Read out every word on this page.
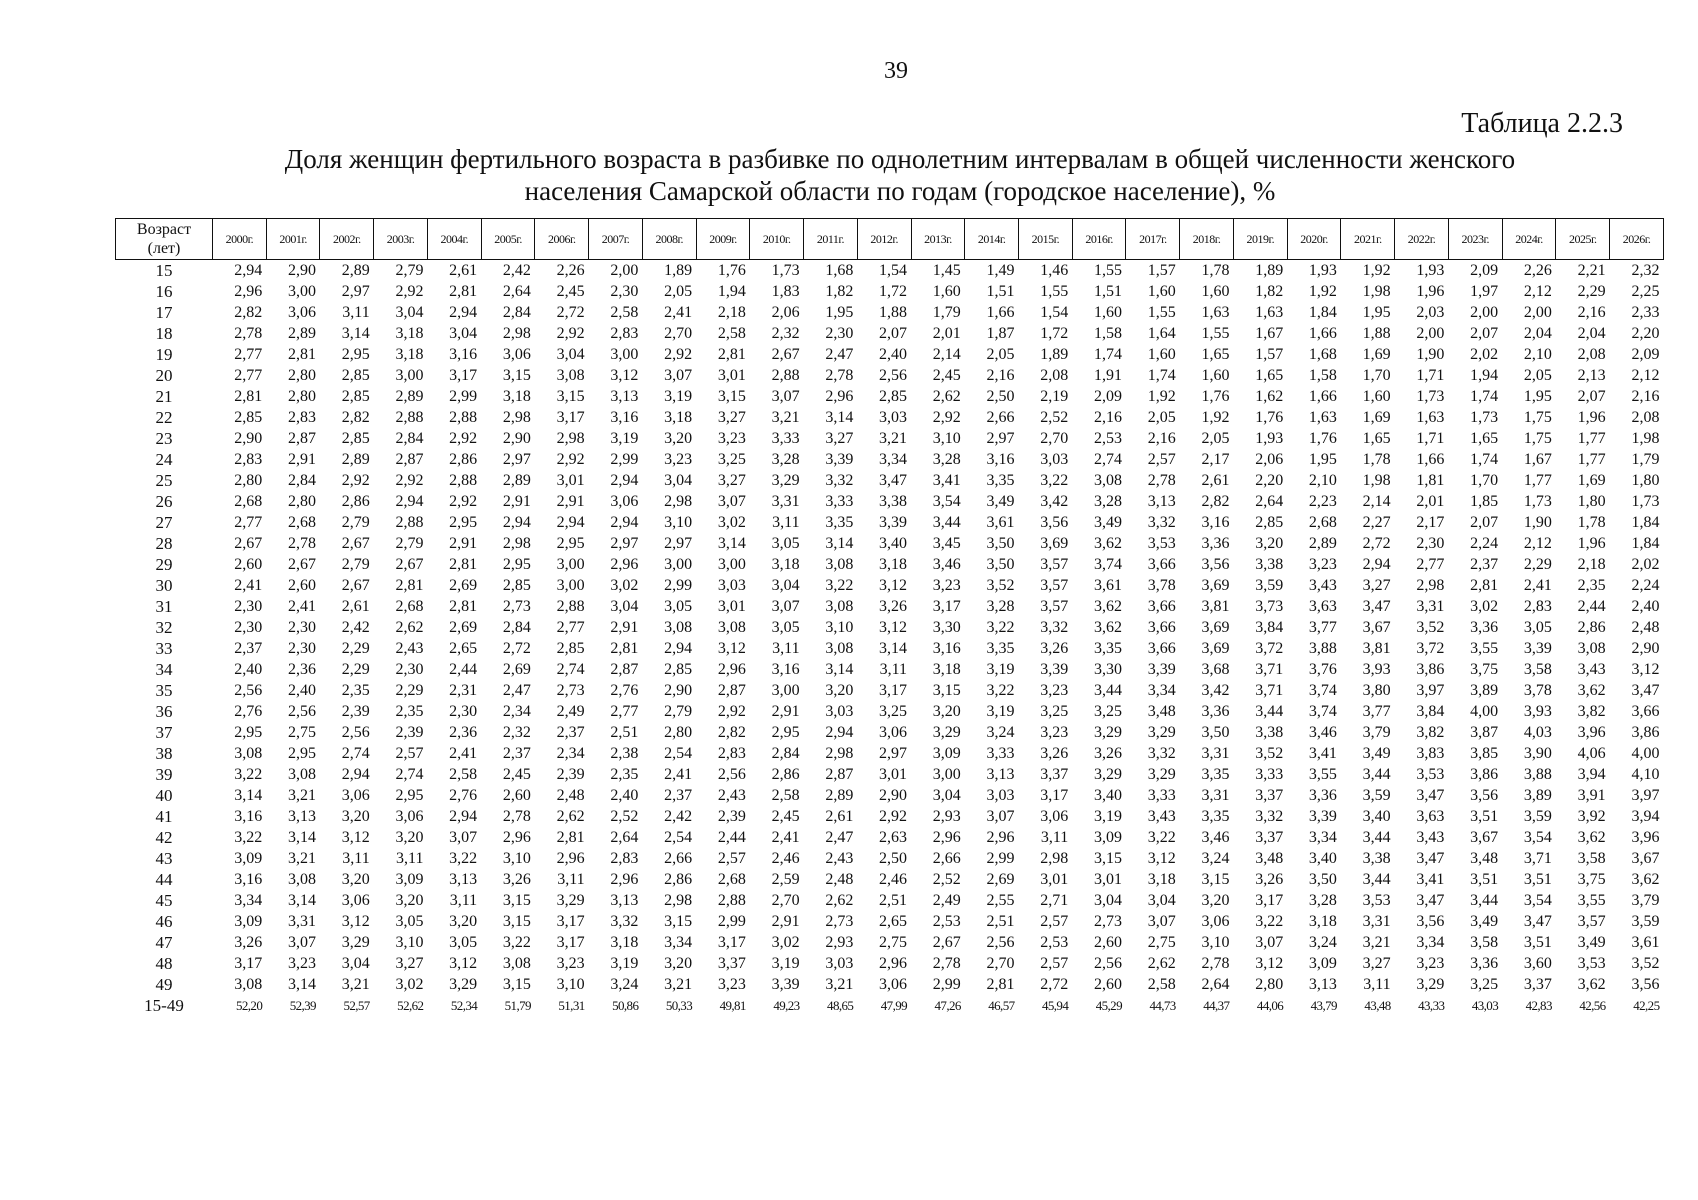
39
Таблица 2.2.3
Доля женщин фертильного возраста в разбивке по однолетним интервалам в общей численности женского
населения Самарской области по годам (городское население), %
Возраст
(лет)	2000г.	2001г.	2002г.	2003г.	2004г.	2005г.	2006г.	2007г.	2008г.	2009г.	2010г.	2011г.	2012г.	2013г.	2014г.	2015г.	2016г.	2017г.	2018г.	2019г.	2020г.	2021г.	2022г.	2023г.	2024г.	2025г.	2026г.
15	2,94	2,90	2,89	2,79	2,61	2,42	2,26	2,00	1,89	1,76	1,73	1,68	1,54	1,45	1,49	1,46	1,55	1,57	1,78	1,89	1,93	1,92	1,93	2,09	2,26	2,21	2,32
16	2,96	3,00	2,97	2,92	2,81	2,64	2,45	2,30	2,05	1,94	1,83	1,82	1,72	1,60	1,51	1,55	1,51	1,60	1,60	1,82	1,92	1,98	1,96	1,97	2,12	2,29	2,25
17	2,82	3,06	3,11	3,04	2,94	2,84	2,72	2,58	2,41	2,18	2,06	1,95	1,88	1,79	1,66	1,54	1,60	1,55	1,63	1,63	1,84	1,95	2,03	2,00	2,00	2,16	2,33
18	2,78	2,89	3,14	3,18	3,04	2,98	2,92	2,83	2,70	2,58	2,32	2,30	2,07	2,01	1,87	1,72	1,58	1,64	1,55	1,67	1,66	1,88	2,00	2,07	2,04	2,04	2,20
19	2,77	2,81	2,95	3,18	3,16	3,06	3,04	3,00	2,92	2,81	2,67	2,47	2,40	2,14	2,05	1,89	1,74	1,60	1,65	1,57	1,68	1,69	1,90	2,02	2,10	2,08	2,09
20	2,77	2,80	2,85	3,00	3,17	3,15	3,08	3,12	3,07	3,01	2,88	2,78	2,56	2,45	2,16	2,08	1,91	1,74	1,60	1,65	1,58	1,70	1,71	1,94	2,05	2,13	2,12
21	2,81	2,80	2,85	2,89	2,99	3,18	3,15	3,13	3,19	3,15	3,07	2,96	2,85	2,62	2,50	2,19	2,09	1,92	1,76	1,62	1,66	1,60	1,73	1,74	1,95	2,07	2,16
22	2,85	2,83	2,82	2,88	2,88	2,98	3,17	3,16	3,18	3,27	3,21	3,14	3,03	2,92	2,66	2,52	2,16	2,05	1,92	1,76	1,63	1,69	1,63	1,73	1,75	1,96	2,08
23	2,90	2,87	2,85	2,84	2,92	2,90	2,98	3,19	3,20	3,23	3,33	3,27	3,21	3,10	2,97	2,70	2,53	2,16	2,05	1,93	1,76	1,65	1,71	1,65	1,75	1,77	1,98
24	2,83	2,91	2,89	2,87	2,86	2,97	2,92	2,99	3,23	3,25	3,28	3,39	3,34	3,28	3,16	3,03	2,74	2,57	2,17	2,06	1,95	1,78	1,66	1,74	1,67	1,77	1,79
25	2,80	2,84	2,92	2,92	2,88	2,89	3,01	2,94	3,04	3,27	3,29	3,32	3,47	3,41	3,35	3,22	3,08	2,78	2,61	2,20	2,10	1,98	1,81	1,70	1,77	1,69	1,80
26	2,68	2,80	2,86	2,94	2,92	2,91	2,91	3,06	2,98	3,07	3,31	3,33	3,38	3,54	3,49	3,42	3,28	3,13	2,82	2,64	2,23	2,14	2,01	1,85	1,73	1,80	1,73
27	2,77	2,68	2,79	2,88	2,95	2,94	2,94	2,94	3,10	3,02	3,11	3,35	3,39	3,44	3,61	3,56	3,49	3,32	3,16	2,85	2,68	2,27	2,17	2,07	1,90	1,78	1,84
28	2,67	2,78	2,67	2,79	2,91	2,98	2,95	2,97	2,97	3,14	3,05	3,14	3,40	3,45	3,50	3,69	3,62	3,53	3,36	3,20	2,89	2,72	2,30	2,24	2,12	1,96	1,84
29	2,60	2,67	2,79	2,67	2,81	2,95	3,00	2,96	3,00	3,00	3,18	3,08	3,18	3,46	3,50	3,57	3,74	3,66	3,56	3,38	3,23	2,94	2,77	2,37	2,29	2,18	2,02
30	2,41	2,60	2,67	2,81	2,69	2,85	3,00	3,02	2,99	3,03	3,04	3,22	3,12	3,23	3,52	3,57	3,61	3,78	3,69	3,59	3,43	3,27	2,98	2,81	2,41	2,35	2,24
31	2,30	2,41	2,61	2,68	2,81	2,73	2,88	3,04	3,05	3,01	3,07	3,08	3,26	3,17	3,28	3,57	3,62	3,66	3,81	3,73	3,63	3,47	3,31	3,02	2,83	2,44	2,40
32	2,30	2,30	2,42	2,62	2,69	2,84	2,77	2,91	3,08	3,08	3,05	3,10	3,12	3,30	3,22	3,32	3,62	3,66	3,69	3,84	3,77	3,67	3,52	3,36	3,05	2,86	2,48
33	2,37	2,30	2,29	2,43	2,65	2,72	2,85	2,81	2,94	3,12	3,11	3,08	3,14	3,16	3,35	3,26	3,35	3,66	3,69	3,72	3,88	3,81	3,72	3,55	3,39	3,08	2,90
34	2,40	2,36	2,29	2,30	2,44	2,69	2,74	2,87	2,85	2,96	3,16	3,14	3,11	3,18	3,19	3,39	3,30	3,39	3,68	3,71	3,76	3,93	3,86	3,75	3,58	3,43	3,12
35	2,56	2,40	2,35	2,29	2,31	2,47	2,73	2,76	2,90	2,87	3,00	3,20	3,17	3,15	3,22	3,23	3,44	3,34	3,42	3,71	3,74	3,80	3,97	3,89	3,78	3,62	3,47
36	2,76	2,56	2,39	2,35	2,30	2,34	2,49	2,77	2,79	2,92	2,91	3,03	3,25	3,20	3,19	3,25	3,25	3,48	3,36	3,44	3,74	3,77	3,84	4,00	3,93	3,82	3,66
37	2,95	2,75	2,56	2,39	2,36	2,32	2,37	2,51	2,80	2,82	2,95	2,94	3,06	3,29	3,24	3,23	3,29	3,29	3,50	3,38	3,46	3,79	3,82	3,87	4,03	3,96	3,86
38	3,08	2,95	2,74	2,57	2,41	2,37	2,34	2,38	2,54	2,83	2,84	2,98	2,97	3,09	3,33	3,26	3,26	3,32	3,31	3,52	3,41	3,49	3,83	3,85	3,90	4,06	4,00
39	3,22	3,08	2,94	2,74	2,58	2,45	2,39	2,35	2,41	2,56	2,86	2,87	3,01	3,00	3,13	3,37	3,29	3,29	3,35	3,33	3,55	3,44	3,53	3,86	3,88	3,94	4,10
40	3,14	3,21	3,06	2,95	2,76	2,60	2,48	2,40	2,37	2,43	2,58	2,89	2,90	3,04	3,03	3,17	3,40	3,33	3,31	3,37	3,36	3,59	3,47	3,56	3,89	3,91	3,97
41	3,16	3,13	3,20	3,06	2,94	2,78	2,62	2,52	2,42	2,39	2,45	2,61	2,92	2,93	3,07	3,06	3,19	3,43	3,35	3,32	3,39	3,40	3,63	3,51	3,59	3,92	3,94
42	3,22	3,14	3,12	3,20	3,07	2,96	2,81	2,64	2,54	2,44	2,41	2,47	2,63	2,96	2,96	3,11	3,09	3,22	3,46	3,37	3,34	3,44	3,43	3,67	3,54	3,62	3,96
43	3,09	3,21	3,11	3,11	3,22	3,10	2,96	2,83	2,66	2,57	2,46	2,43	2,50	2,66	2,99	2,98	3,15	3,12	3,24	3,48	3,40	3,38	3,47	3,48	3,71	3,58	3,67
44	3,16	3,08	3,20	3,09	3,13	3,26	3,11	2,96	2,86	2,68	2,59	2,48	2,46	2,52	2,69	3,01	3,01	3,18	3,15	3,26	3,50	3,44	3,41	3,51	3,51	3,75	3,62
45	3,34	3,14	3,06	3,20	3,11	3,15	3,29	3,13	2,98	2,88	2,70	2,62	2,51	2,49	2,55	2,71	3,04	3,04	3,20	3,17	3,28	3,53	3,47	3,44	3,54	3,55	3,79
46	3,09	3,31	3,12	3,05	3,20	3,15	3,17	3,32	3,15	2,99	2,91	2,73	2,65	2,53	2,51	2,57	2,73	3,07	3,06	3,22	3,18	3,31	3,56	3,49	3,47	3,57	3,59
47	3,26	3,07	3,29	3,10	3,05	3,22	3,17	3,18	3,34	3,17	3,02	2,93	2,75	2,67	2,56	2,53	2,60	2,75	3,10	3,07	3,24	3,21	3,34	3,58	3,51	3,49	3,61
48	3,17	3,23	3,04	3,27	3,12	3,08	3,23	3,19	3,20	3,37	3,19	3,03	2,96	2,78	2,70	2,57	2,56	2,62	2,78	3,12	3,09	3,27	3,23	3,36	3,60	3,53	3,52
49	3,08	3,14	3,21	3,02	3,29	3,15	3,10	3,24	3,21	3,23	3,39	3,21	3,06	2,99	2,81	2,72	2,60	2,58	2,64	2,80	3,13	3,11	3,29	3,25	3,37	3,62	3,56
15-49	52,20	52,39	52,57	52,62	52,34	51,79	51,31	50,86	50,33	49,81	49,23	48,65	47,99	47,26	46,57	45,94	45,29	44,73	44,37	44,06	43,79	43,48	43,33	43,03	42,83	42,56	42,25
